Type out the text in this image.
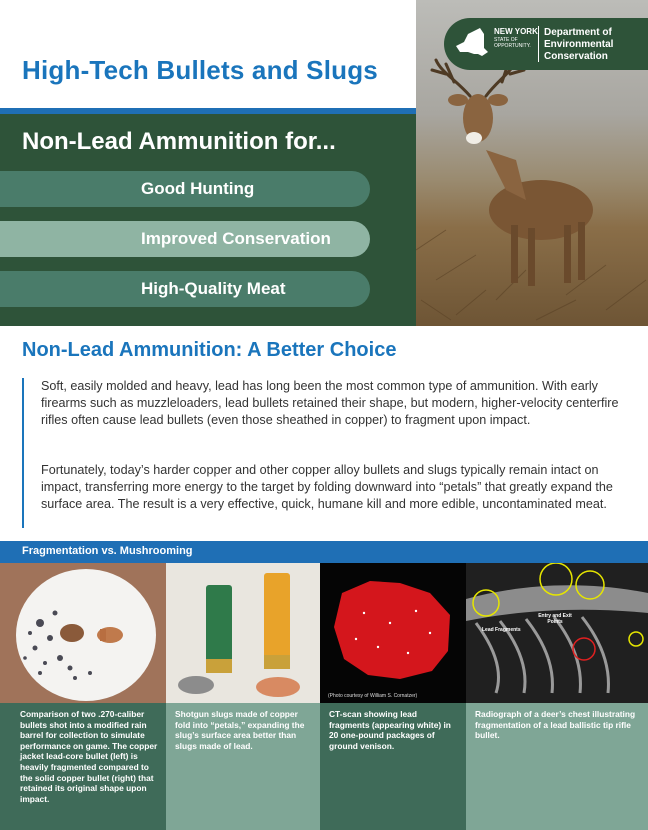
High-Tech Bullets and Slugs
Non-Lead Ammunition for...
Good Hunting
Improved Conservation
High-Quality Meat
NEW YORK
STATE OF OPPORTUNITY.
Department of Environmental Conservation
Non-Lead Ammunition: A Better Choice

Soft, easily molded and heavy, lead has long been the most common type of ammunition. With early firearms such as muzzleloaders, lead bullets retained their shape, but modern, higher-velocity centerfire rifles often cause lead bullets (even those sheathed in copper) to fragment upon impact.

Fortunately, today’s harder copper and other copper alloy bullets and slugs typically remain intact on impact, transferring more energy to the target by folding downward into “petals” that greatly expand the surface area. The result is a very effective, quick, humane kill and more edible, uncontaminated meat.

Fragmentation vs. Mushrooming
(Photo courtesy of William S. Cornatzer)
Lead Fragments
Entry and Exit Points
Comparison of two .270-caliber bullets shot into a modified rain barrel for collection to simulate performance on game. The copper jacket lead-core bullet (left) is heavily fragmented compared to the solid copper bullet (right) that retained its original shape upon impact.
Shotgun slugs made of copper fold into “petals,” expanding the slug’s surface area better than slugs made of lead.
CT-scan showing lead fragments (appearing white) in 20 one-pound packages of ground venison.
Radiograph of a deer’s chest illustrating fragmentation of a lead ballistic tip rifle bullet.
